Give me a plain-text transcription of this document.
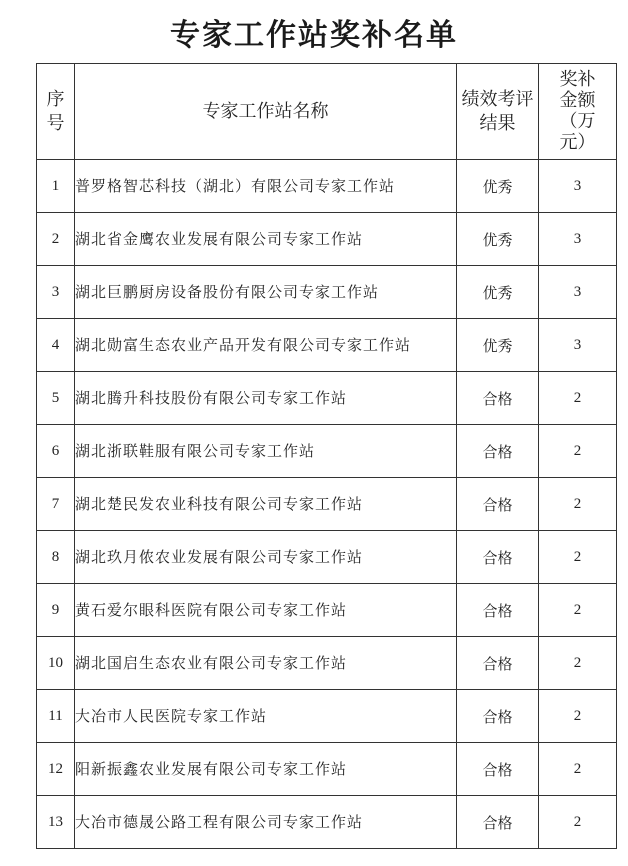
专家工作站奖补名单
序号	专家工作站名称	绩效考评结果	奖补金额（万元）
1	普罗格智芯科技（湖北）有限公司专家工作站	优秀	3
2	湖北省金鹰农业发展有限公司专家工作站	优秀	3
3	湖北巨鹏厨房设备股份有限公司专家工作站	优秀	3
4	湖北勋富生态农业产品开发有限公司专家工作站	优秀	3
5	湖北腾升科技股份有限公司专家工作站	合格	2
6	湖北浙联鞋服有限公司专家工作站	合格	2
7	湖北楚民发农业科技有限公司专家工作站	合格	2
8	湖北玖月侬农业发展有限公司专家工作站	合格	2
9	黄石爱尔眼科医院有限公司专家工作站	合格	2
10	湖北国启生态农业有限公司专家工作站	合格	2
11	大冶市人民医院专家工作站	合格	2
12	阳新振鑫农业发展有限公司专家工作站	合格	2
13	大冶市德晟公路工程有限公司专家工作站	合格	2
